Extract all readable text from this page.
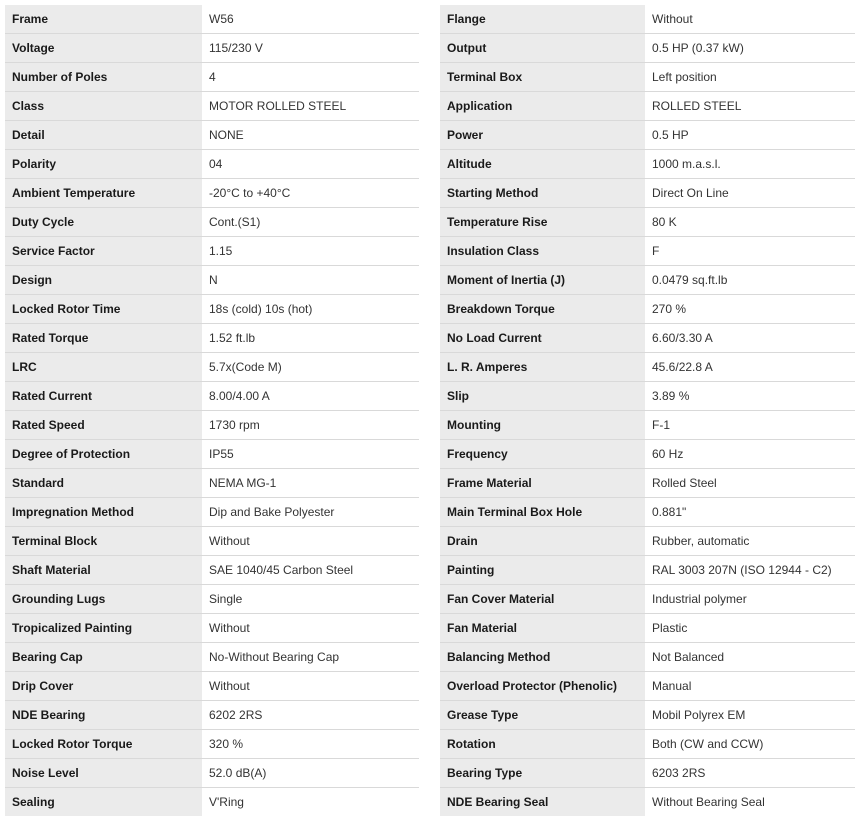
Frame	W56
Voltage	115/230 V
Number of Poles	4
Class	MOTOR ROLLED STEEL
Detail	NONE
Polarity	04
Ambient Temperature	-20°C to +40°C
Duty Cycle	Cont.(S1)
Service Factor	1.15
Design	N
Locked Rotor Time	18s (cold) 10s (hot)
Rated Torque	1.52 ft.lb
LRC	5.7x(Code M)
Rated Current	8.00/4.00 A
Rated Speed	1730 rpm
Degree of Protection	IP55
Standard	NEMA MG-1
Impregnation Method	Dip and Bake Polyester
Terminal Block	Without
Shaft Material	SAE 1040/45 Carbon Steel
Grounding Lugs	Single
Tropicalized Painting	Without
Bearing Cap	No-Without Bearing Cap
Drip Cover	Without
NDE Bearing	6202 2RS
Locked Rotor Torque	320 %
Noise Level	52.0 dB(A)
Sealing	V'Ring
Flange	Without
Output	0.5 HP (0.37 kW)
Terminal Box	Left position
Application	ROLLED STEEL
Power	0.5 HP
Altitude	1000 m.a.s.l.
Starting Method	Direct On Line
Temperature Rise	80 K
Insulation Class	F
Moment of Inertia (J)	0.0479 sq.ft.lb
Breakdown Torque	270 %
No Load Current	6.60/3.30 A
L. R. Amperes	45.6/22.8 A
Slip	3.89 %
Mounting	F-1
Frequency	60 Hz
Frame Material	Rolled Steel
Main Terminal Box Hole	0.881"
Drain	Rubber, automatic
Painting	RAL 3003 207N (ISO 12944 - C2)
Fan Cover Material	Industrial polymer
Fan Material	Plastic
Balancing Method	Not Balanced
Overload Protector (Phenolic)	Manual
Grease Type	Mobil Polyrex EM
Rotation	Both (CW and CCW)
Bearing Type	6203 2RS
NDE Bearing Seal	Without Bearing Seal
